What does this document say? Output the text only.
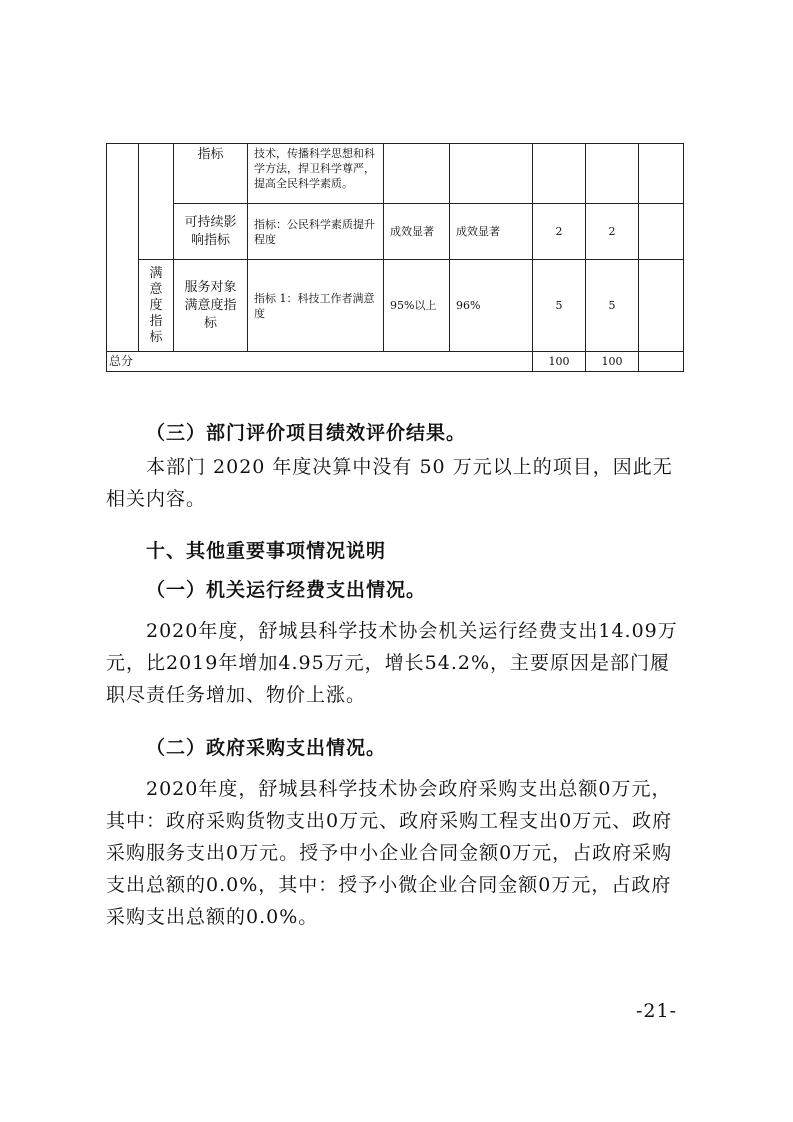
		指标	技术，传播科学思想和科学方法，捍卫科学尊严，提高全民科学素质。					
		可持续影响指标	指标：公民科学素质提升程度	成效显著	成效显著	2	2	
	满意度指标	服务对象满意度指标	指标 1：科技工作者满意度	95%以上	96%	5	5	
总分						100	100	

（三）部门评价项目绩效评价结果。

本部门 2020 年度决算中没有 50 万元以上的项目，因此无相关内容。

十、其他重要事项情况说明

（一）机关运行经费支出情况。

2020年度，舒城县科学技术协会机关运行经费支出14.09万元，比2019年增加4.95万元，增长54.2%，主要原因是部门履职尽责任务增加、物价上涨。

（二）政府采购支出情况。

2020年度，舒城县科学技术协会政府采购支出总额0万元，其中：政府采购货物支出0万元、政府采购工程支出0万元、政府采购服务支出0万元。授予中小企业合同金额0万元，占政府采购支出总额的0.0%，其中：授予小微企业合同金额0万元，占政府采购支出总额的0.0%。

-21-
